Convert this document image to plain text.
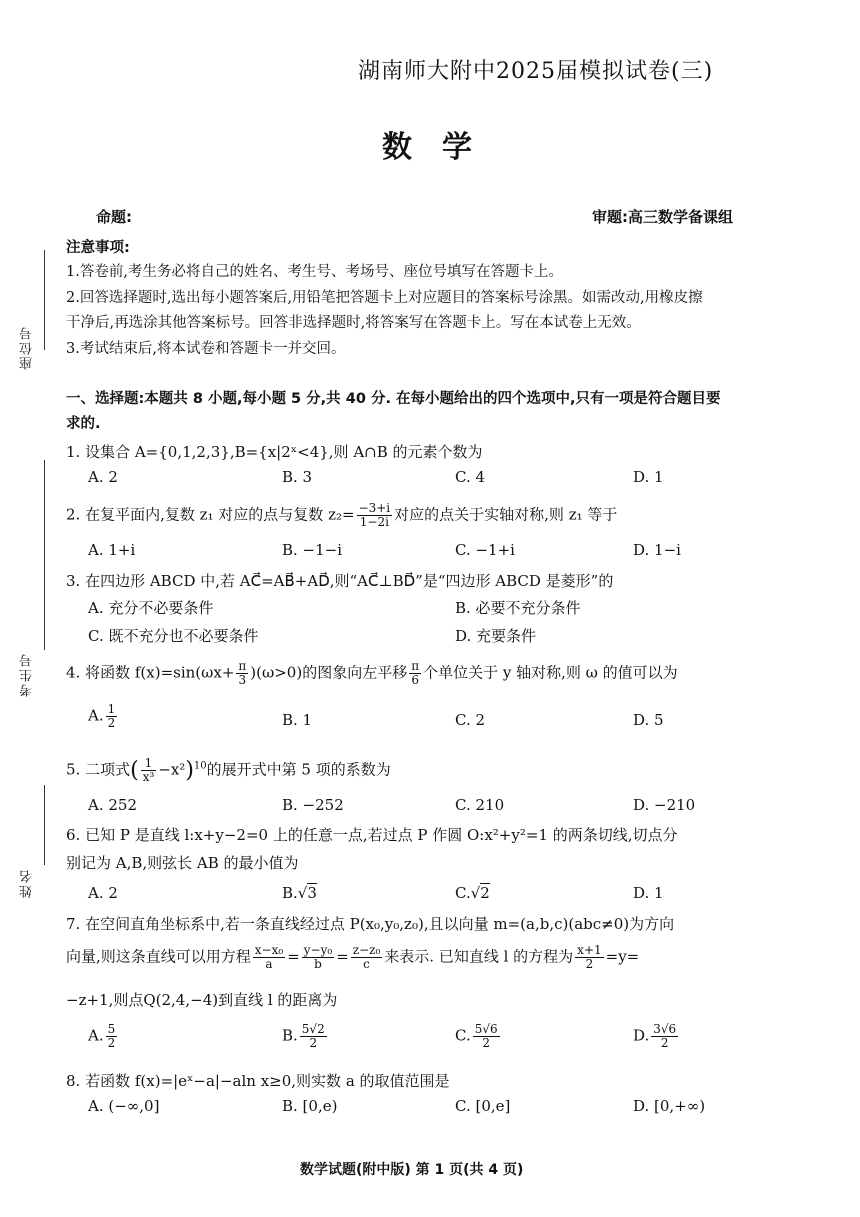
湖南师大附中2025届模拟试卷(三)
数学
命题:	审题:高三数学备课组
座位号
考生号
姓名
注意事项:
1.答卷前,考生务必将自己的姓名、考生号、考场号、座位号填写在答题卡上。
2.回答选择题时,选出每小题答案后,用铅笔把答题卡上对应题目的答案标号涂黑。如需改动,用橡皮擦
干净后,再选涂其他答案标号。回答非选择题时,将答案写在答题卡上。写在本试卷上无效。
3.考试结束后,将本试卷和答题卡一并交回。
一、选择题:本题共 8 小题,每小题 5 分,共 40 分. 在每小题给出的四个选项中,只有一项是符合题目要
求的.
1. 设集合 A={0,1,2,3},B={x|2ˣ<4},则 A∩B 的元素个数为
A. 2	B. 3	C. 4	D. 1
2. 在复平面内,复数 z₁ 对应的点与复数 $z_2= \frac{-3+i}{1-2i}$ 对应的点关于实轴对称,则 z₁ 等于
A. 1+i	B. −1−i	C. −1+i	D. 1−i
3. 在四边形 ABCD 中,若 AC⃗=AB⃗+AD⃗,则“AC⃗⊥BD⃗”是“四边形 ABCD 是菱形”的
A. 充分不必要条件	B. 必要不充分条件
C. 既不充分也不必要条件	D. 充要条件
4. 将函数 $f(x)=\sin(\omega x+ \frac{\pi}{3} )(\omega>0)$的图象向左平移 $\frac{\pi}{6}$ 个单位关于 y 轴对称,则 ω 的值可以为
A. $\frac{1}{2}$	B. 1	C. 2	D. 5
5. 二项式( $\frac{1}{\text{x³}} -x^2)^{10}$的展开式中第 5 项的系数为
A. 252	B. −252	C. 210	D. −210
6. 已知 P 是直线 l:x+y−2=0 上的任意一点,若过点 P 作圆 O:x²+y²=1 的两条切线,切点分
别记为 A,B,则弦长 AB 的最小值为
A. 2	B.√3	C.√2	D. 1
7. 在空间直角坐标系中,若一条直线经过点 P(x₀,y₀,z₀),且以向量 m=(a,b,c)(abc≠0)为方向
向量,则这条直线可以用方程 $\frac{\text{x−x₀}}{a} = \frac{\text{y−y₀}}{b} = \frac{\text{z−z₀}}{c}$ 来表示. 已知直线 l 的方程为 $\frac{x+1}{2} =y=$
−z+1,则点Q(2,4,−4)到直线 l 的距离为
A. $\frac{5}{2}$	B. $\frac{5√2}{2}$	C. $\frac{5√6}{2}$	D. $\frac{3√6}{2}$
8. 若函数 f(x)=|eˣ−a|−aln x≥0,则实数 a 的取值范围是
A. (−∞,0]	B. [0,e)	C. [0,e]	D. [0,+∞)
数学试题(附中版) 第 1 页(共 4 页)
